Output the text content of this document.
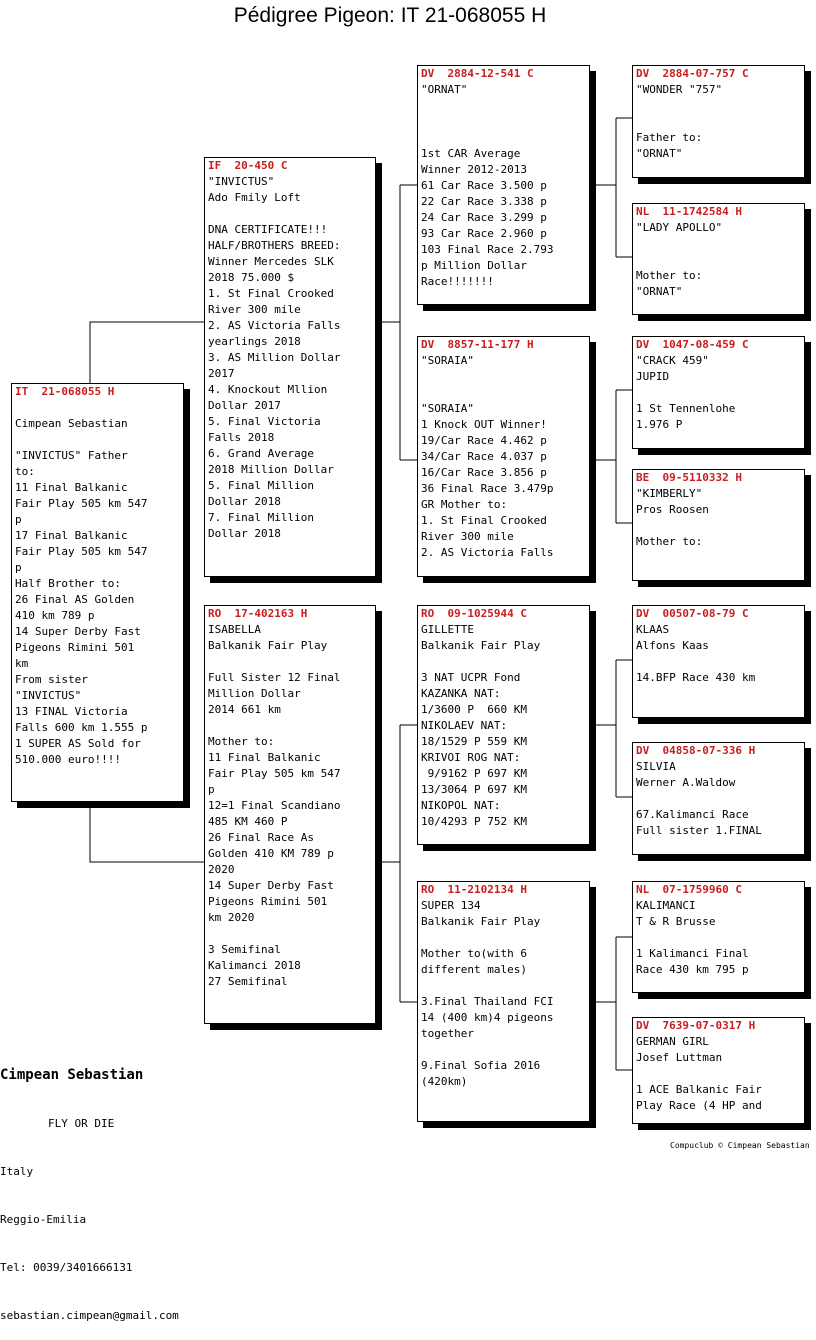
Pédigree Pigeon: IT 21-068055 H
IT  21-068055 H

Cimpean Sebastian

"INVICTUS" Father
to:
11 Final Balkanic
Fair Play 505 km 547
p
17 Final Balkanic
Fair Play 505 km 547
p
Half Brother to:
26 Final AS Golden
410 km 789 p
14 Super Derby Fast
Pigeons Rimini 501
km
From sister
"INVICTUS"
13 FINAL Victoria
Falls 600 km 1.555 p
1 SUPER AS Sold for
510.000 euro!!!!
IF  20-450 C
"INVICTUS"
Ado Fmily Loft

DNA CERTIFICATE!!!
HALF/BROTHERS BREED:
Winner Mercedes SLK
2018 75.000 $
1. St Final Crooked
River 300 mile
2. AS Victoria Falls
yearlings 2018
3. AS Million Dollar
2017
4. Knockout Mllion
Dollar 2017
5. Final Victoria
Falls 2018
6. Grand Average
2018 Million Dollar
5. Final Million
Dollar 2018
7. Final Million
Dollar 2018
RO  17-402163 H
ISABELLA
Balkanik Fair Play

Full Sister 12 Final
Million Dollar
2014 661 km

Mother to:
11 Final Balkanic
Fair Play 505 km 547
p
12=1 Final Scandiano
485 KM 460 P
26 Final Race As
Golden 410 KM 789 p
2020
14 Super Derby Fast
Pigeons Rimini 501
km 2020

3 Semifinal
Kalimanci 2018
27 Semifinal
DV  2884-12-541 C
"ORNAT"

1st CAR Average
Winner 2012-2013
61 Car Race 3.500 p
22 Car Race 3.338 p
24 Car Race 3.299 p
93 Car Race 2.960 p
103 Final Race 2.793
p Million Dollar
Race!!!!!!!
DV  8857-11-177 H
"SORAIA"

"SORAIA"
1 Knock OUT Winner!
19/Car Race 4.462 p
34/Car Race 4.037 p
16/Car Race 3.856 p
36 Final Race 3.479p
GR Mother to:
1. St Final Crooked
River 300 mile
2. AS Victoria Falls
RO  09-1025944 C
GILLETTE
Balkanik Fair Play

3 NAT UCPR Fond
KAZANKA NAT:
1/3600 P  660 KM
NIKOLAEV NAT:
18/1529 P 559 KM
KRIVOI ROG NAT:
9/9162 P 697 KM
13/3064 P 697 KM
NIKOPOL NAT:
10/4293 P 752 KM
RO  11-2102134 H
SUPER 134
Balkanik Fair Play

Mother to(with 6
different males)

3.Final Thailand FCI
14 (400 km)4 pigeons
together

9.Final Sofia 2016
(420km)
DV  2884-07-757 C
"WONDER "757"

Father to:
"ORNAT"
NL  11-1742584 H
"LADY APOLLO"

Mother to:
"ORNAT"
DV  1047-08-459 C
"CRACK 459"
JUPID

1 St Tennenlohe
1.976 P
BE  09-5110332 H
"KIMBERLY"
Pros Roosen

Mother to:
DV  00507-08-79 C
KLAAS
Alfons Kaas

14.BFP Race 430 km
DV  04858-07-336 H
SILVIA
Werner A.Waldow

67.Kalimanci Race
Full sister 1.FINAL
NL  07-1759960 C
KALIMANCI
T & R Brusse

1 Kalimanci Final
Race 430 km 795 p
DV  7639-07-0317 H
GERMAN GIRL
Josef Luttman

1 ACE Balkanic Fair
Play Race (4 HP and

Cimpean Sebastian

FLY OR DIE

Italy

Reggio-Emilia

Tel: 0039/3401666131

sebastian.cimpean@gmail.com

Compuclub © Cimpean Sebastian
